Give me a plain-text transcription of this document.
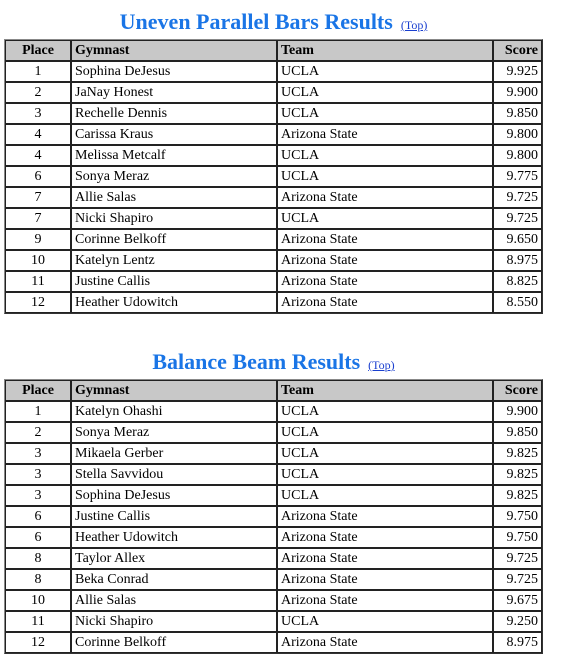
Uneven Parallel Bars Results (Top)
Place	Gymnast	Team	Score
1	Sophina DeJesus	UCLA	9.925
2	JaNay Honest	UCLA	9.900
3	Rechelle Dennis	UCLA	9.850
4	Carissa Kraus	Arizona State	9.800
4	Melissa Metcalf	UCLA	9.800
6	Sonya Meraz	UCLA	9.775
7	Allie Salas	Arizona State	9.725
7	Nicki Shapiro	UCLA	9.725
9	Corinne Belkoff	Arizona State	9.650
10	Katelyn Lentz	Arizona State	8.975
11	Justine Callis	Arizona State	8.825
12	Heather Udowitch	Arizona State	8.550
Balance Beam Results (Top)
Place	Gymnast	Team	Score
1	Katelyn Ohashi	UCLA	9.900
2	Sonya Meraz	UCLA	9.850
3	Mikaela Gerber	UCLA	9.825
3	Stella Savvidou	UCLA	9.825
3	Sophina DeJesus	UCLA	9.825
6	Justine Callis	Arizona State	9.750
6	Heather Udowitch	Arizona State	9.750
8	Taylor Allex	Arizona State	9.725
8	Beka Conrad	Arizona State	9.725
10	Allie Salas	Arizona State	9.675
11	Nicki Shapiro	UCLA	9.250
12	Corinne Belkoff	Arizona State	8.975
